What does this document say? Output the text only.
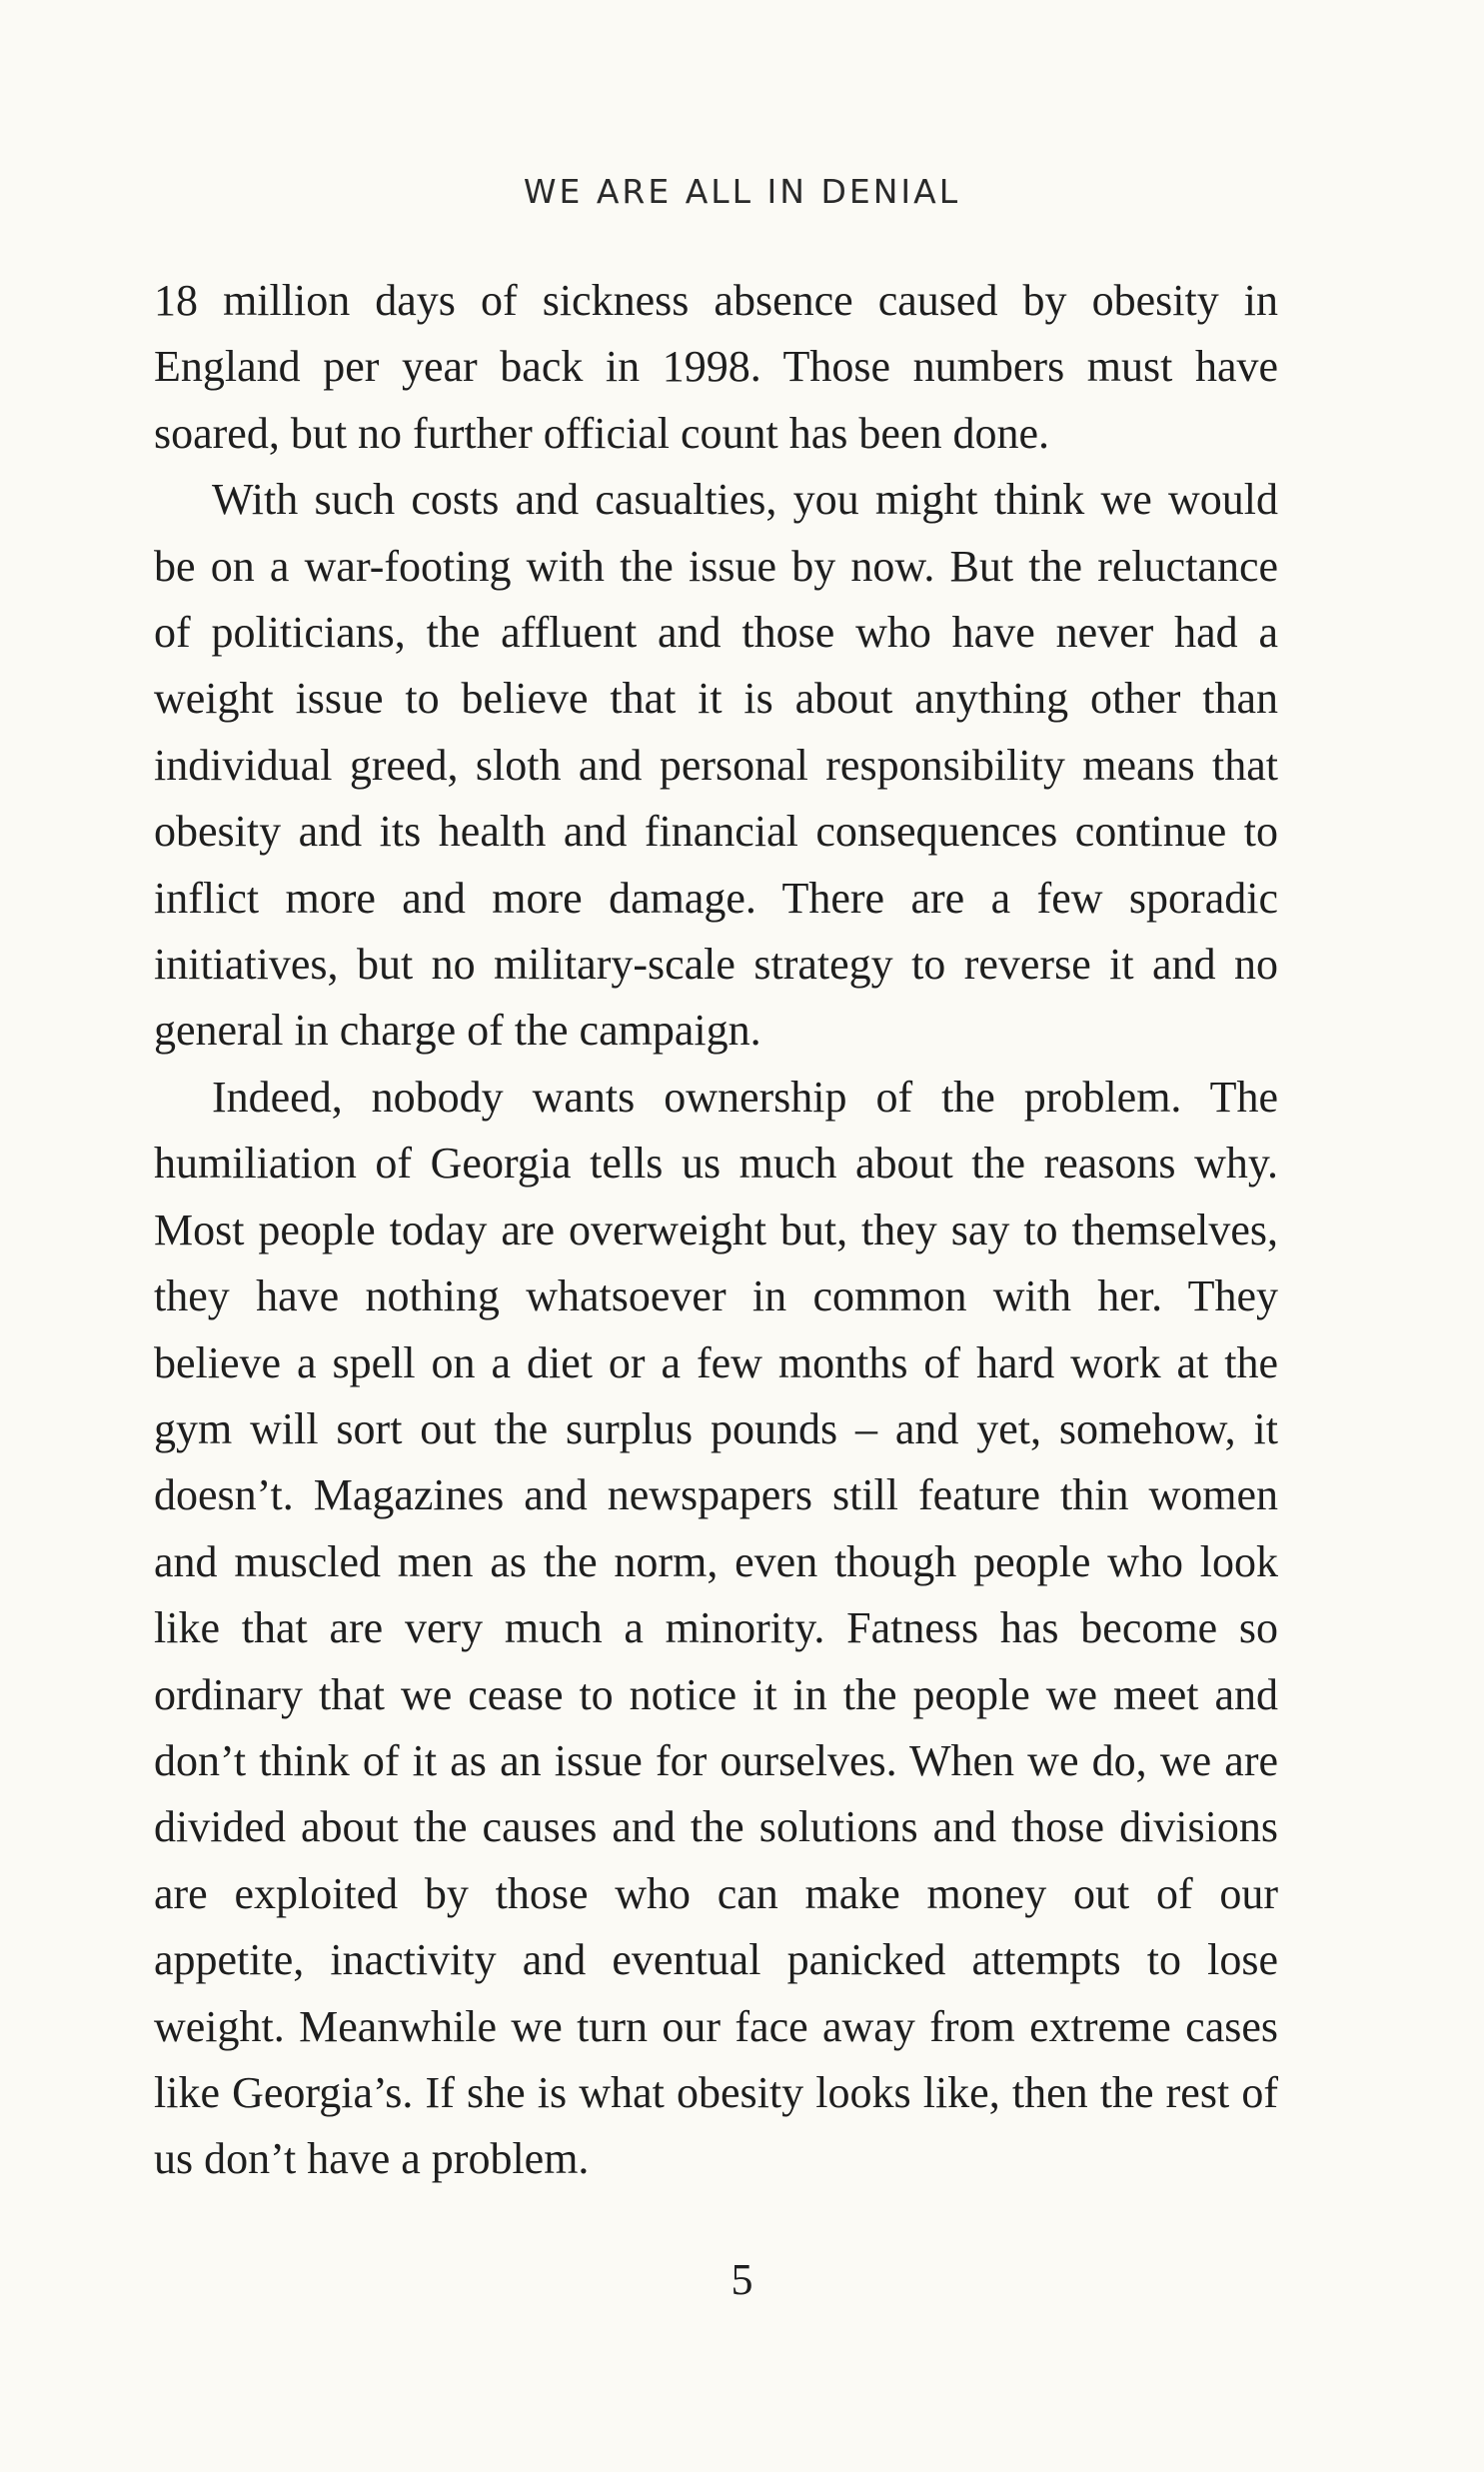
WE ARE ALL IN DENIAL

18 million days of sickness absence caused by obesity in England per year back in 1998. Those numbers must have soared, but no further official count has been done.

With such costs and casualties, you might think we would be on a war-footing with the issue by now. But the reluctance of politicians, the affluent and those who have never had a weight issue to believe that it is about anything other than individual greed, sloth and personal responsibility means that obesity and its health and financial consequences continue to inflict more and more damage. There are a few sporadic initiatives, but no military-scale strategy to reverse it and no general in charge of the campaign.

Indeed, nobody wants ownership of the problem. The humiliation of Georgia tells us much about the reasons why. Most people today are overweight but, they say to themselves, they have nothing whatsoever in common with her. They believe a spell on a diet or a few months of hard work at the gym will sort out the surplus pounds – and yet, somehow, it doesn’t. Magazines and newspapers still feature thin women and muscled men as the norm, even though people who look like that are very much a minority. Fatness has become so ordinary that we cease to notice it in the people we meet and don’t think of it as an issue for ourselves. When we do, we are divided about the causes and the solutions and those divisions are exploited by those who can make money out of our appetite, inactivity and eventual panicked attempts to lose weight. Meanwhile we turn our face away from extreme cases like Georgia’s. If she is what obesity looks like, then the rest of us don’t have a problem.

5
